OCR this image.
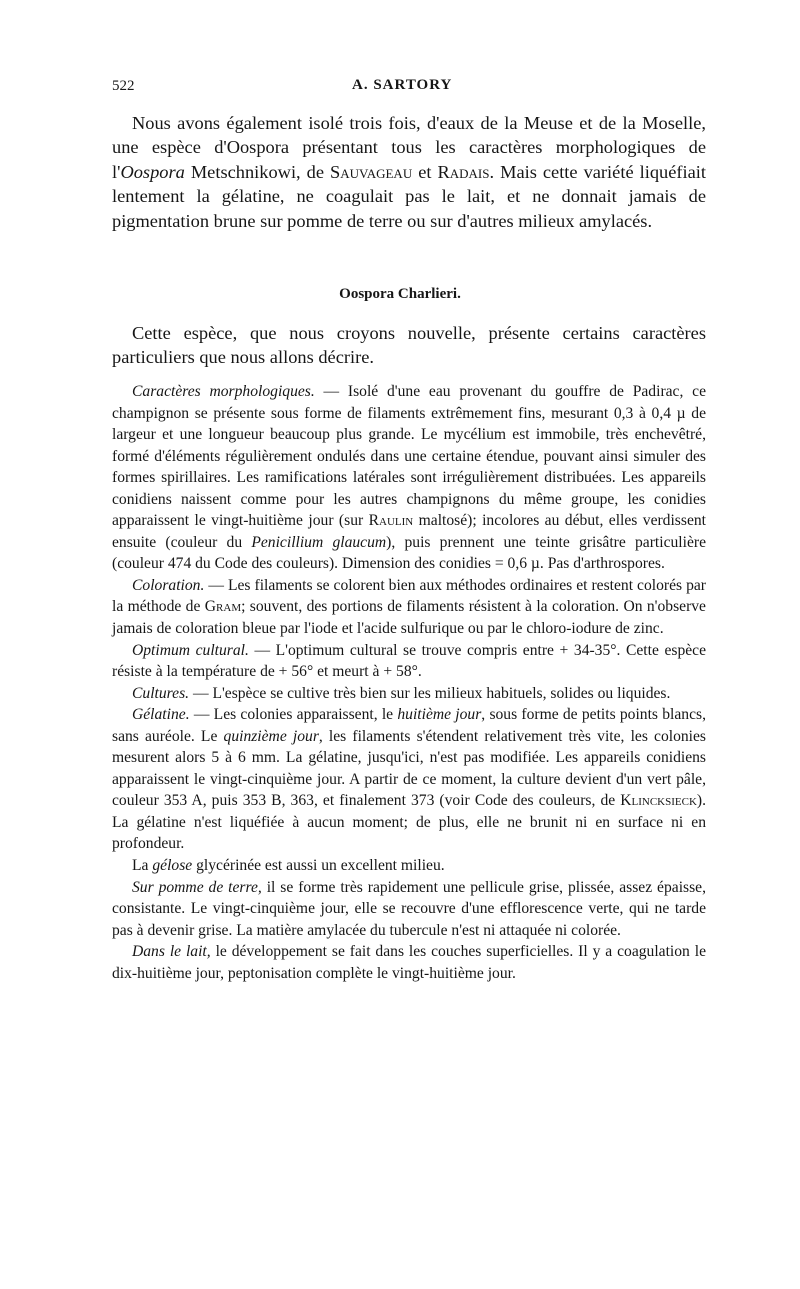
522	A. SARTORY

Nous avons également isolé trois fois, d'eaux de la Meuse et de la Moselle, une espèce d'Oospora présentant tous les caractères morphologiques de l'Oospora Metschnikowi, de Sauvageau et Radais. Mais cette variété liquéfiait lentement la gélatine, ne coagulait pas le lait, et ne donnait jamais de pigmentation brune sur pomme de terre ou sur d'autres milieux amylacés.

Oospora Charlieri.

Cette espèce, que nous croyons nouvelle, présente certains caractères particuliers que nous allons décrire.

Caractères morphologiques. — Isolé d'une eau provenant du gouffre de Padirac, ce champignon se présente sous forme de filaments extrêmement fins, mesurant 0,3 à 0,4 µ de largeur et une longueur beaucoup plus grande. Le mycélium est immobile, très enchevêtré, formé d'éléments régulièrement ondulés dans une certaine étendue, pouvant ainsi simuler des formes spirillaires. Les ramifications latérales sont irrégulièrement distribuées. Les appareils conidiens naissent comme pour les autres champignons du même groupe, les conidies apparaissent le vingt-huitième jour (sur Raulin maltosé); incolores au début, elles verdissent ensuite (couleur du Penicillium glaucum), puis prennent une teinte grisâtre particulière (couleur 474 du Code des couleurs). Dimension des conidies = 0,6 µ. Pas d'arthrospores.

Coloration. — Les filaments se colorent bien aux méthodes ordinaires et restent colorés par la méthode de Gram; souvent, des portions de filaments résistent à la coloration. On n'observe jamais de coloration bleue par l'iode et l'acide sulfurique ou par le chloro-iodure de zinc.

Optimum cultural. — L'optimum cultural se trouve compris entre + 34-35°. Cette espèce résiste à la température de + 56° et meurt à + 58°.

Cultures. — L'espèce se cultive très bien sur les milieux habituels, solides ou liquides.

Gélatine. — Les colonies apparaissent, le huitième jour, sous forme de petits points blancs, sans auréole. Le quinzième jour, les filaments s'étendent relativement très vite, les colonies mesurent alors 5 à 6 mm. La gélatine, jusqu'ici, n'est pas modifiée. Les appareils conidiens apparaissent le vingt-cinquième jour. A partir de ce moment, la culture devient d'un vert pâle, couleur 353 A, puis 353 B, 363, et finalement 373 (voir Code des couleurs, de Klincksieck). La gélatine n'est liquéfiée à aucun moment; de plus, elle ne brunit ni en surface ni en profondeur.

La gélose glycérinée est aussi un excellent milieu.

Sur pomme de terre, il se forme très rapidement une pellicule grise, plissée, assez épaisse, consistante. Le vingt-cinquième jour, elle se recouvre d'une efflorescence verte, qui ne tarde pas à devenir grise. La matière amylacée du tubercule n'est ni attaquée ni colorée.

Dans le lait, le développement se fait dans les couches superficielles. Il y a coagulation le dix-huitième jour, peptonisation complète le vingt-huitième jour.
